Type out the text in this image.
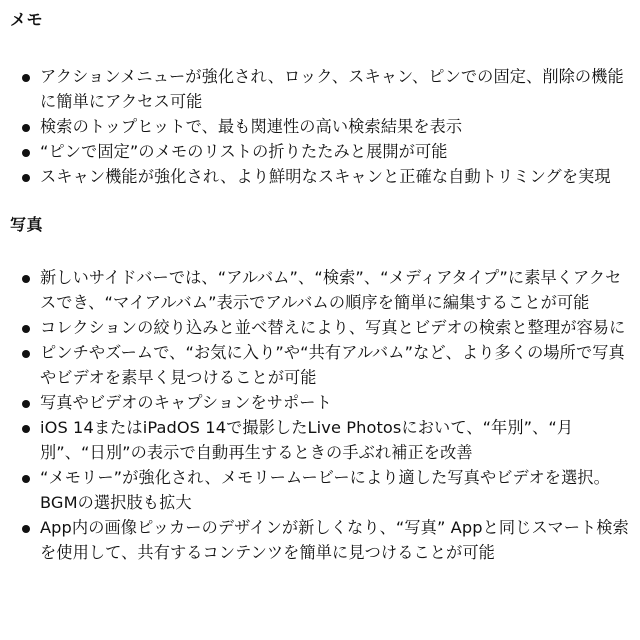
メモ
アクションメニューが強化され、ロック、スキャン、ピンでの固定、削除の機能に簡単にアクセス可能
検索のトップヒットで、最も関連性の高い検索結果を表示
“ピンで固定”のメモのリストの折りたたみと展開が可能
スキャン機能が強化され、より鮮明なスキャンと正確な自動トリミングを実現
写真
新しいサイドバーでは、“アルバム”、“検索”、“メディアタイプ”に素早くアクセスでき、“マイアルバム”表示でアルバムの順序を簡単に編集することが可能
コレクションの絞り込みと並べ替えにより、写真とビデオの検索と整理が容易に
ピンチやズームで、“お気に入り”や“共有アルバム”など、より多くの場所で写真やビデオを素早く見つけることが可能
写真やビデオのキャプションをサポート
iOS 14またはiPadOS 14で撮影したLive Photosにおいて、“年別”、“月別”、“日別”の表示で自動再生するときの手ぶれ補正を改善
“メモリー”が強化され、メモリームービーにより適した写真やビデオを選択。BGMの選択肢も拡大
App内の画像ピッカーのデザインが新しくなり、“写真” Appと同じスマート検索を使用して、共有するコンテンツを簡単に見つけることが可能
